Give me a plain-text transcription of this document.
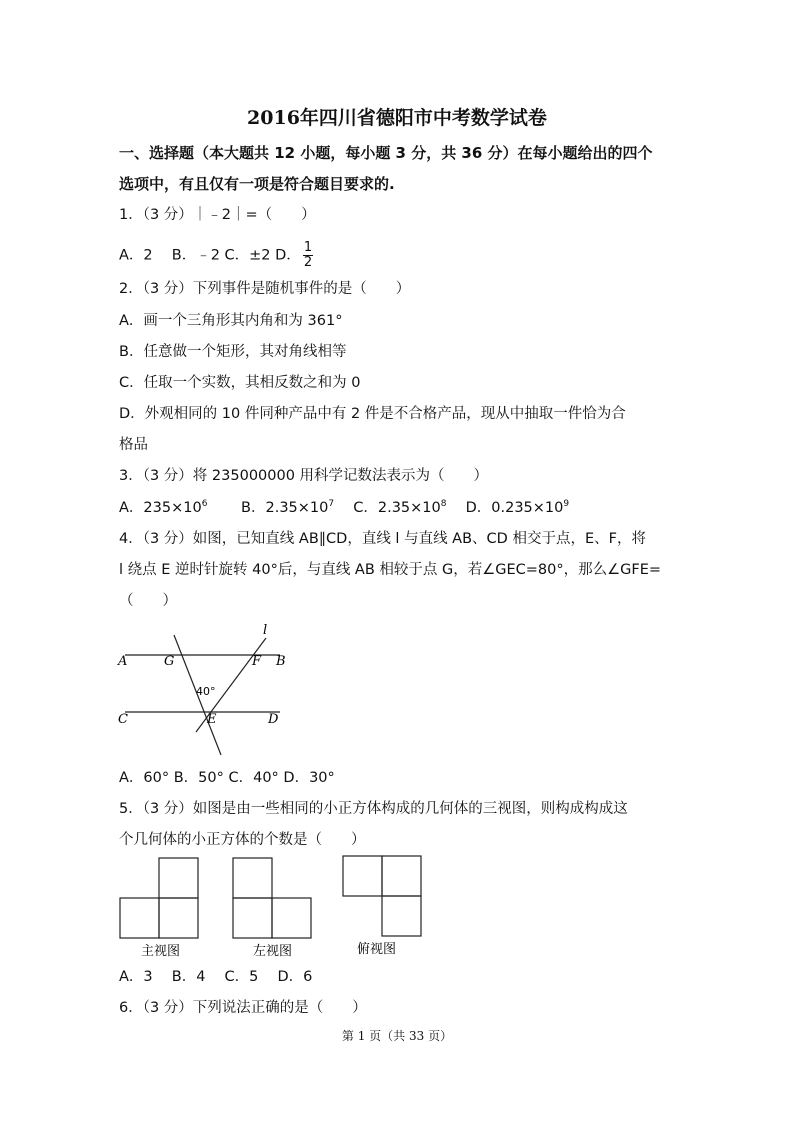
2016年四川省德阳市中考数学试卷
一、选择题（本大题共 12 小题，每小题 3 分，共 36 分）在每小题给出的四个
选项中，有且仅有一项是符合题目要求的.
1．（3 分）｜﹣2｜=（　　）
A．2　 B．﹣2 C．±2 D． $\frac{1}{2}$
2．（3 分）下列事件是随机事件的是（　　）
A．画一个三角形其内角和为 361°
B．任意做一个矩形，其对角线相等
C．任取一个实数，其相反数之和为 0
D．外观相同的 10 件同种产品中有 2 件是不合格产品，现从中抽取一件恰为合
格品
3．（3 分）将 235000000 用科学记数法表示为（　　）
A．$235\times 10^6$　　 B．$2.35\times 10^7$　 C．$2.35\times 10^8$　 D．$0.235\times 10^9$
4．（3 分）如图，已知直线 AB∥CD，直线 l 与直线 AB、CD 相交于点，E、F，将
l 绕点 E 逆时针旋转 40°后，与直线 AB 相较于点 G，若∠GEC=80°，那么∠GFE=
（　　）
A	G	F B
l
40°
C	E	D
A．60° B．50° C．40° D．30°
5．（3 分）如图是由一些相同的小正方体构成的几何体的三视图，则构成构成这
个几何体的小正方体的个数是（　　）
主视图	左视图	俯视图
A．3　 B．4　 C．5　 D．6
6．（3 分）下列说法正确的是（　　）
第 1 页（共 33 页）
